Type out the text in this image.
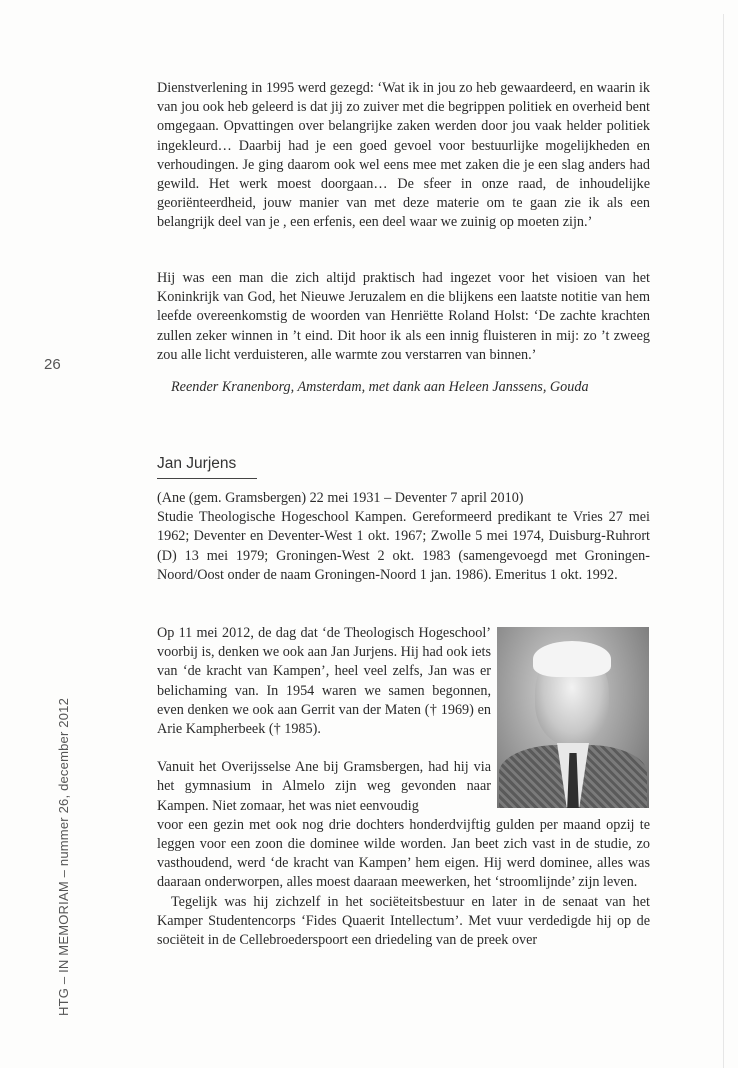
Dienstverlening in 1995 werd gezegd: ‘Wat ik in jou zo heb gewaardeerd, en waarin ik van jou ook heb geleerd is dat jij zo zuiver met die begrippen politiek en overheid bent omgegaan. Opvattingen over belangrijke zaken werden door jou vaak helder politiek ingekleurd… Daarbij had je een goed gevoel voor bestuurlijke mogelijkheden en verhoudingen. Je ging daarom ook wel eens mee met zaken die je een slag anders had gewild. Het werk moest doorgaan… De sfeer in onze raad, de inhoudelijke georiënteerdheid, jouw manier van met deze materie om te gaan zie ik als een belangrijk deel van je , een erfenis, een deel waar we zuinig op moeten zijn.’

Hij was een man die zich altijd praktisch had ingezet voor het visioen van het Koninkrijk van God, het Nieuwe Jeruzalem en die blijkens een laatste notitie van hem leefde overeenkomstig de woorden van Henriëtte Roland Holst: ‘De zachte krachten zullen zeker winnen in ’t eind. Dit hoor ik als een innig fluisteren in mij: zo ’t zweeg zou alle licht verduisteren, alle warmte zou verstarren van binnen.’

Reender Kranenborg, Amsterdam, met dank aan Heleen Janssens, Gouda

26
Jan Jurjens

(Ane (gem. Gramsbergen) 22 mei 1931 – Deventer 7 april 2010)

Studie Theologische Hogeschool Kampen. Gereformeerd predikant te Vries 27 mei 1962; Deventer en Deventer-West 1 okt. 1967; Zwolle 5 mei 1974, Duisburg-Ruhrort (D) 13 mei 1979; Groningen-West 2 okt. 1983 (samengevoegd met Groningen-Noord/Oost onder de naam Groningen-Noord 1 jan. 1986). Emeritus 1 okt. 1992.

Op 11 mei 2012, de dag dat ‘de Theologisch Hogeschool’ voorbij is, denken we ook aan Jan Jurjens. Hij had ook iets van ‘de kracht van Kampen’, heel veel zelfs, Jan was er belichaming van. In 1954 waren we samen begonnen, even denken we ook aan Gerrit van der Maten († 1969) en Arie Kampherbeek († 1985).

Vanuit het Overijsselse Ane bij Gramsbergen, had hij via het gymnasium in Almelo zijn weg gevonden naar Kampen. Niet zomaar, het was niet eenvoudig

voor een gezin met ook nog drie dochters honderdvijftig gulden per maand opzij te leggen voor een zoon die dominee wilde worden. Jan beet zich vast in de studie, zo vasthoudend, werd ‘de kracht van Kampen’ hem eigen. Hij werd dominee, alles was daaraan onderworpen, alles moest daaraan meewerken, het ‘stroomlijnde’ zijn leven.

Tegelijk was hij zichzelf in het sociëteitsbestuur en later in de senaat van het Kamper Studentencorps ‘Fides Quaerit Intellectum’. Met vuur verdedigde hij op de sociëteit in de Cellebroederspoort een driedeling van de preek over

HTG – IN MEMORIAM – nummer 26, december 2012
